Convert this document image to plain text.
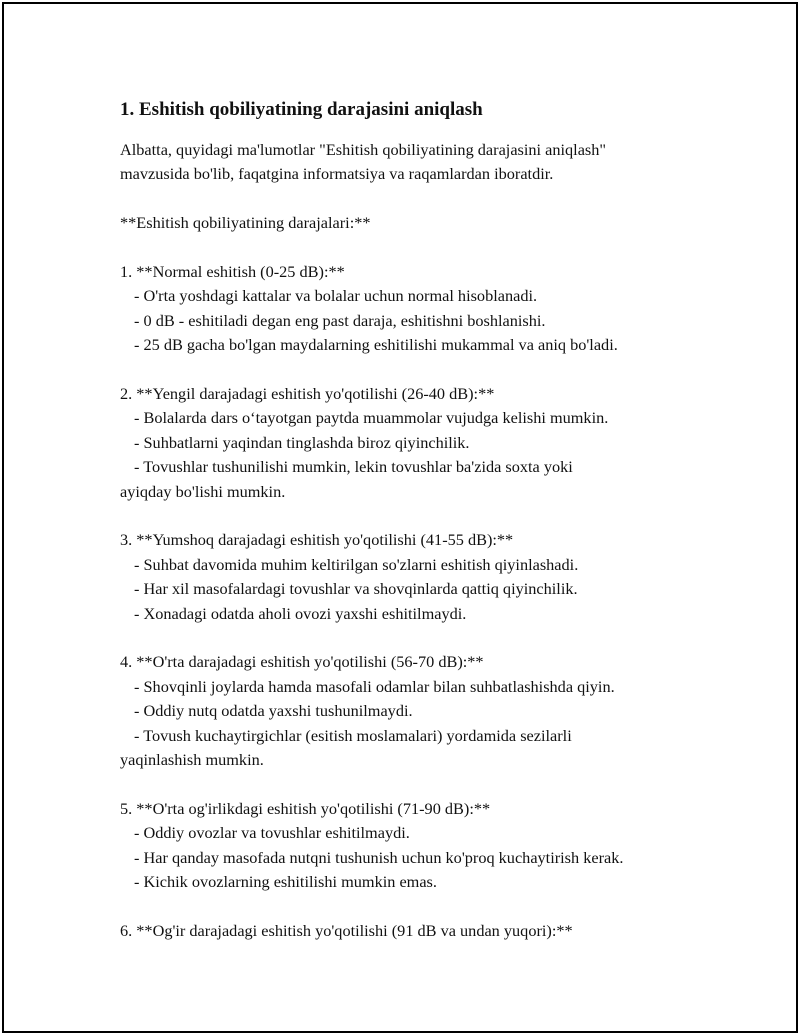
1. Eshitish qobiliyatining darajasini aniqlash

Albatta, quyidagi ma'lumotlar "Eshitish qobiliyatining darajasini aniqlash"

mavzusida bo'lib, faqatgina informatsiya va raqamlardan iboratdir.

**Eshitish qobiliyatining darajalari:**

1. **Normal eshitish (0-25 dB):**

- O'rta yoshdagi kattalar va bolalar uchun normal hisoblanadi.

- 0 dB - eshitiladi degan eng past daraja, eshitishni boshlanishi.

- 25 dB gacha bo'lgan maydalarning eshitilishi mukammal va aniq bo'ladi.

2. **Yengil darajadagi eshitish yo'qotilishi (26-40 dB):**

- Bolalarda dars o‘tayotgan paytda muammolar vujudga kelishi mumkin.

- Suhbatlarni yaqindan tinglashda biroz qiyinchilik.

- Tovushlar tushunilishi mumkin, lekin tovushlar ba'zida soxta yoki

ayiqday bo'lishi mumkin.

3. **Yumshoq darajadagi eshitish yo'qotilishi (41-55 dB):**

- Suhbat davomida muhim keltirilgan so'zlarni eshitish qiyinlashadi.

- Har xil masofalardagi tovushlar va shovqinlarda qattiq qiyinchilik.

- Xonadagi odatda aholi ovozi yaxshi eshitilmaydi.

4. **O'rta darajadagi eshitish yo'qotilishi (56-70 dB):**

- Shovqinli joylarda hamda masofali odamlar bilan suhbatlashishda qiyin.

- Oddiy nutq odatda yaxshi tushunilmaydi.

- Tovush kuchaytirgichlar (esitish moslamalari) yordamida sezilarli

yaqinlashish mumkin.

5. **O'rta og'irlikdagi eshitish yo'qotilishi (71-90 dB):**

- Oddiy ovozlar va tovushlar eshitilmaydi.

- Har qanday masofada nutqni tushunish uchun ko'proq kuchaytirish kerak.

- Kichik ovozlarning eshitilishi mumkin emas.

6. **Og'ir darajadagi eshitish yo'qotilishi (91 dB va undan yuqori):**
